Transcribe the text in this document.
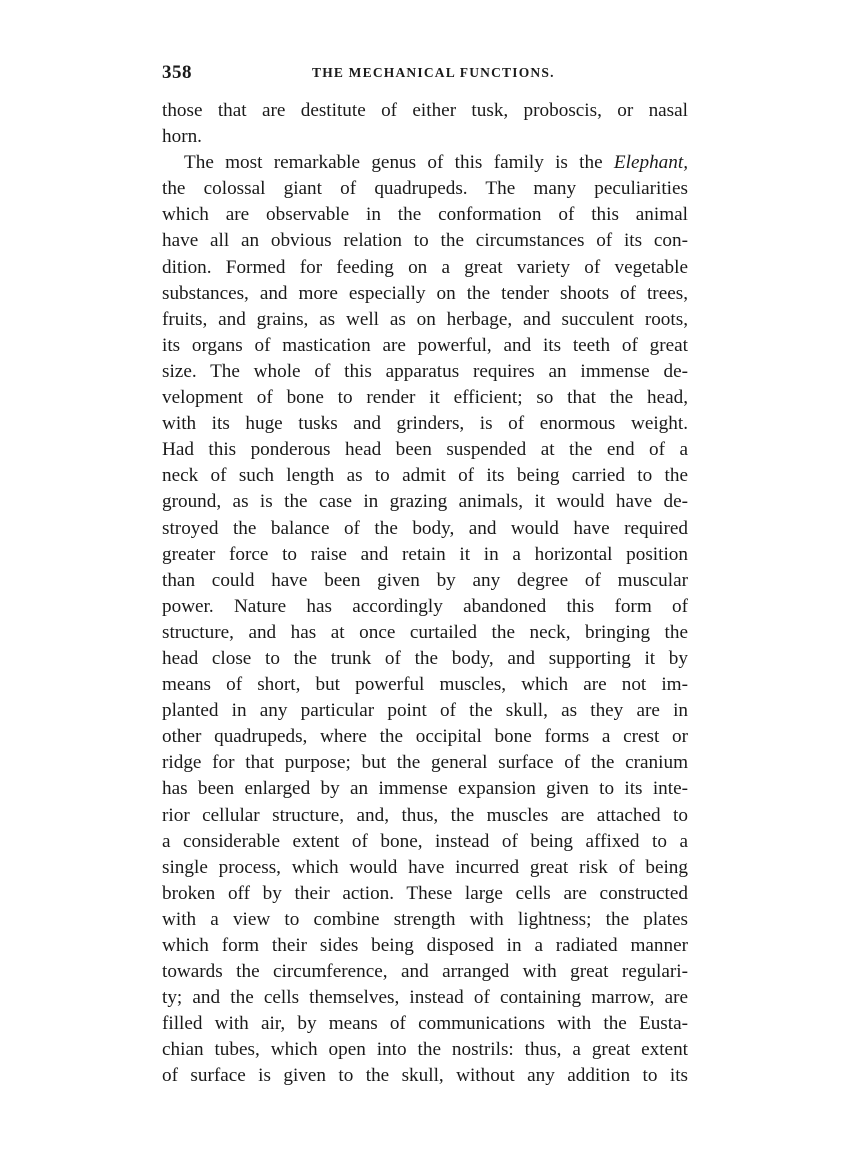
358	THE MECHANICAL FUNCTIONS.
those that are destitute of either tusk, proboscis, or nasal
horn.
The most remarkable genus of this family is the Elephant,
the colossal giant of quadrupeds. The many peculiarities
which are observable in the conformation of this animal
have all an obvious relation to the circumstances of its con-
dition. Formed for feeding on a great variety of vegetable
substances, and more especially on the tender shoots of trees,
fruits, and grains, as well as on herbage, and succulent roots,
its organs of mastication are powerful, and its teeth of great
size. The whole of this apparatus requires an immense de-
velopment of bone to render it efficient; so that the head,
with its huge tusks and grinders, is of enormous weight.
Had this ponderous head been suspended at the end of a
neck of such length as to admit of its being carried to the
ground, as is the case in grazing animals, it would have de-
stroyed the balance of the body, and would have required
greater force to raise and retain it in a horizontal position
than could have been given by any degree of muscular
power. Nature has accordingly abandoned this form of
structure, and has at once curtailed the neck, bringing the
head close to the trunk of the body, and supporting it by
means of short, but powerful muscles, which are not im-
planted in any particular point of the skull, as they are in
other quadrupeds, where the occipital bone forms a crest or
ridge for that purpose; but the general surface of the cranium
has been enlarged by an immense expansion given to its inte-
rior cellular structure, and, thus, the muscles are attached to
a considerable extent of bone, instead of being affixed to a
single process, which would have incurred great risk of being
broken off by their action. These large cells are constructed
with a view to combine strength with lightness; the plates
which form their sides being disposed in a radiated manner
towards the circumference, and arranged with great regulari-
ty; and the cells themselves, instead of containing marrow, are
filled with air, by means of communications with the Eusta-
chian tubes, which open into the nostrils: thus, a great extent
of surface is given to the skull, without any addition to its
